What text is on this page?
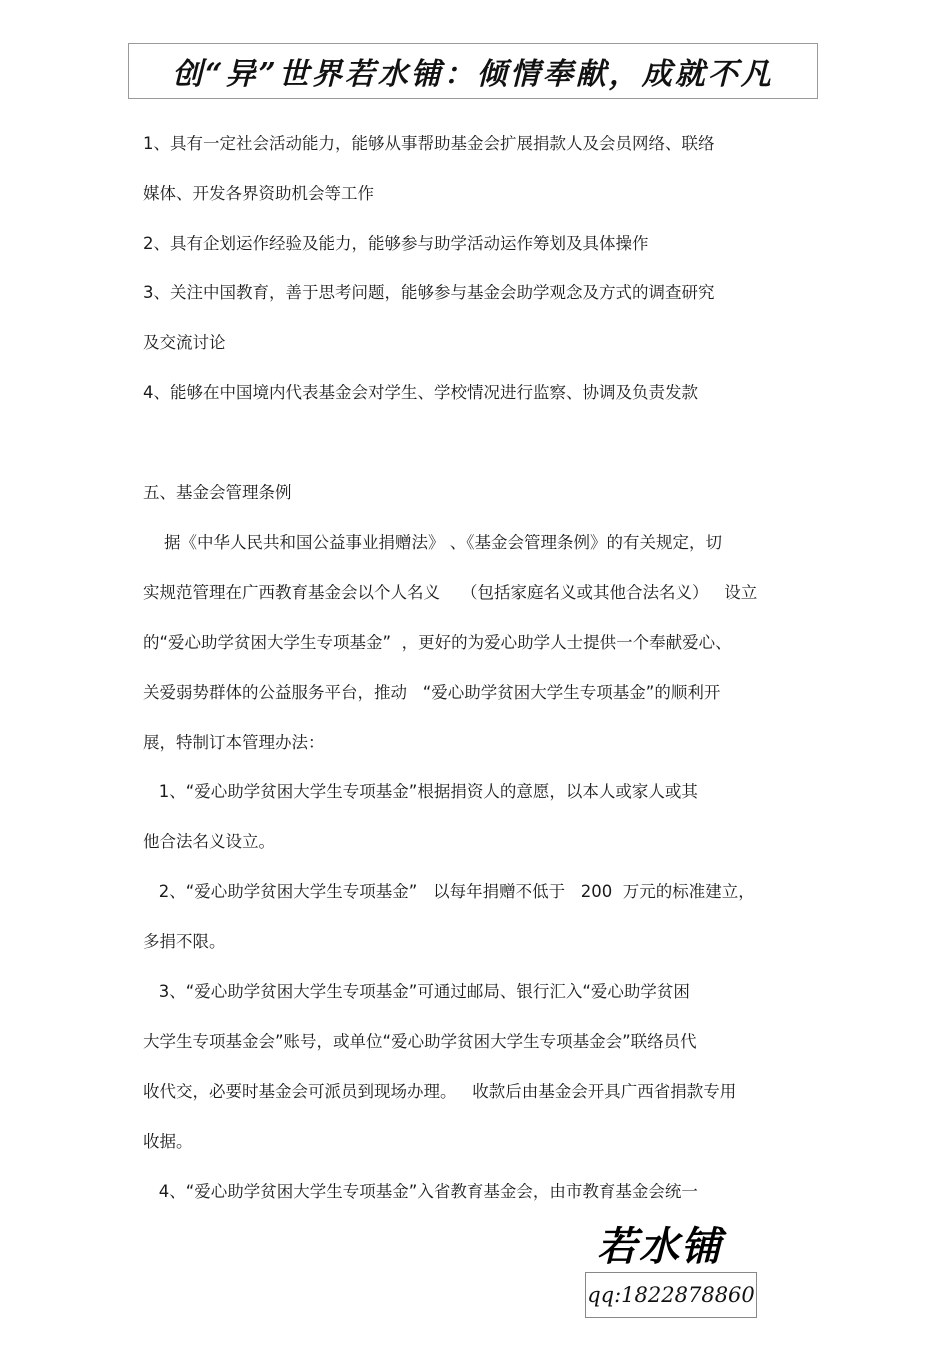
创“异”世界若水铺：倾情奉献，成就不凡
1、具有一定社会活动能力，能够从事帮助基金会扩展捐款人及会员网络、联络
媒体、开发各界资助机会等工作
2、具有企划运作经验及能力，能够参与助学活动运作筹划及具体操作
3、关注中国教育，善于思考问题，能够参与基金会助学观念及方式的调查研究
及交流讨论
4、能够在中国境内代表基金会对学生、学校情况进行监察、协调及负责发款
五、基金会管理条例
据《中华人民共和国公益事业捐赠法》 、《基金会管理条例》的有关规定，切
实规范管理在广西教育基金会以个人名义    （包括家庭名义或其他合法名义）   设立
的“爱心助学贫困大学生专项基金”  ，更好的为爱心助学人士提供一个奉献爱心、
关爱弱势群体的公益服务平台，推动   “爱心助学贫困大学生专项基金”的顺利开
展，特制订本管理办法：
1、“爱心助学贫困大学生专项基金”根据捐资人的意愿，以本人或家人或其
他合法名义设立。
2、“爱心助学贫困大学生专项基金”   以每年捐赠不低于   200  万元的标准建立，
多捐不限。
3、“爱心助学贫困大学生专项基金”可通过邮局、银行汇入“爱心助学贫困
大学生专项基金会”账号，或单位“爱心助学贫困大学生专项基金会”联络员代
收代交，必要时基金会可派员到现场办理。   收款后由基金会开具广西省捐款专用
收据。
4、“爱心助学贫困大学生专项基金”入省教育基金会，由市教育基金会统一
若水铺
qq:1822878860
